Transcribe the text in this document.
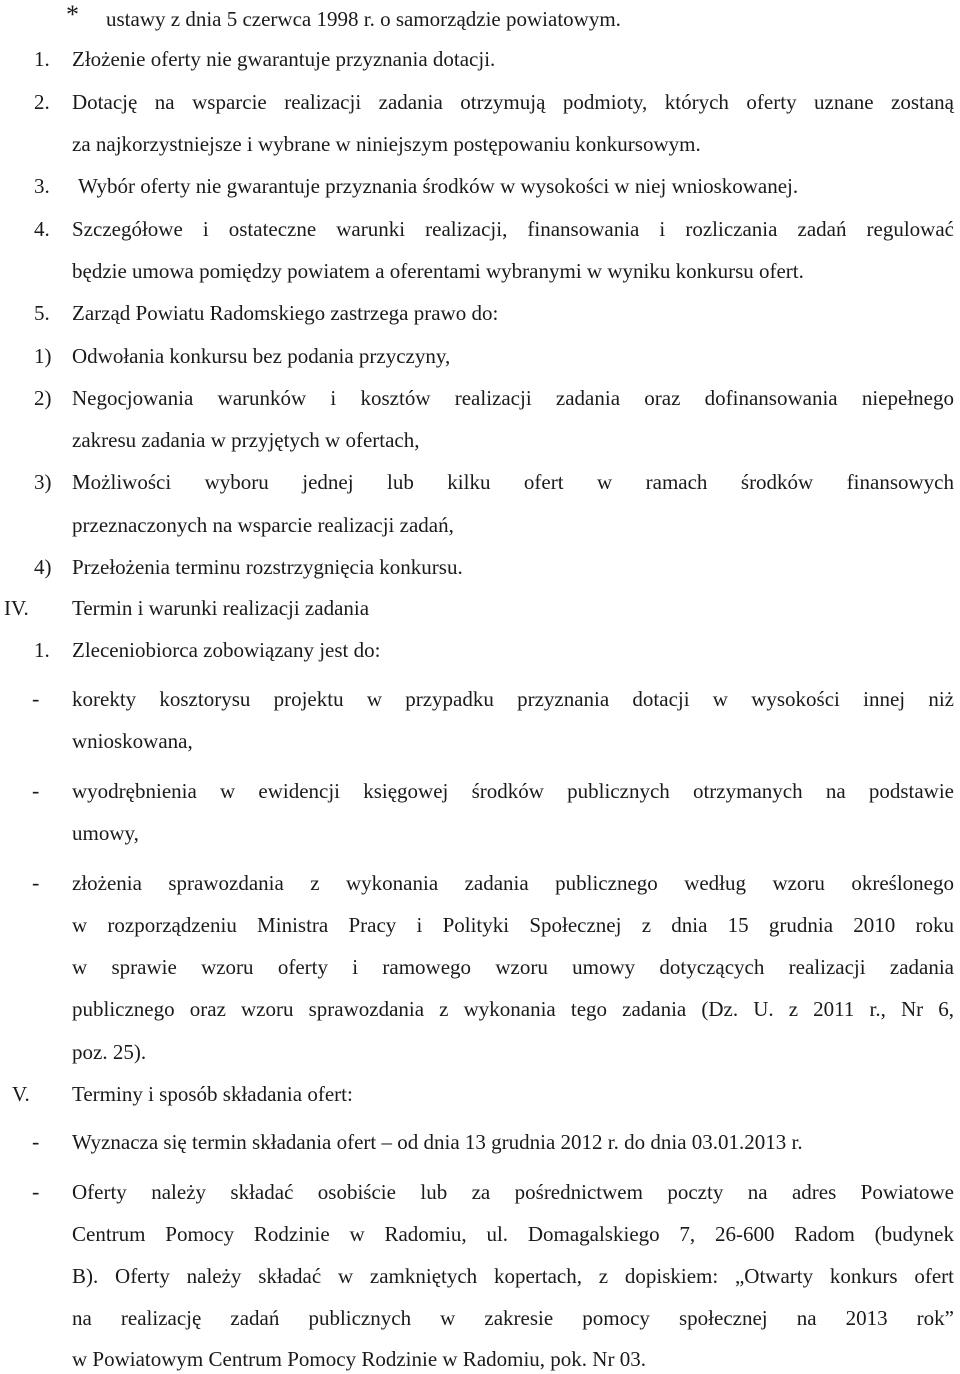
* ustawy z dnia 5 czerwca 1998 r. o samorządzie powiatowym.
1. Złożenie oferty nie gwarantuje przyznania dotacji.
2. Dotację na wsparcie realizacji zadania otrzymują podmioty, których oferty uznane zostaną
za najkorzystniejsze i wybrane w niniejszym postępowaniu konkursowym.
3. Wybór oferty nie gwarantuje przyznania środków w wysokości w niej wnioskowanej.
4. Szczegółowe i ostateczne warunki realizacji, finansowania i rozliczania zadań regulować
będzie umowa pomiędzy powiatem a oferentami wybranymi w wyniku konkursu ofert.
5. Zarząd Powiatu Radomskiego zastrzega prawo do:
1) Odwołania konkursu bez podania przyczyny,
2) Negocjowania warunków i kosztów realizacji zadania oraz dofinansowania niepełnego
zakresu zadania w przyjętych w ofertach,
3) Możliwości wyboru jednej lub kilku ofert w ramach środków finansowych
przeznaczonych na wsparcie realizacji zadań,
4) Przełożenia terminu rozstrzygnięcia konkursu.
IV. Termin i warunki realizacji zadania
1. Zleceniobiorca zobowiązany jest do:
- korekty kosztorysu projektu w przypadku przyznania dotacji w wysokości innej niż
wnioskowana,
- wyodrębnienia w ewidencji księgowej środków publicznych otrzymanych na podstawie
umowy,
- złożenia sprawozdania z wykonania zadania publicznego według wzoru określonego
w rozporządzeniu Ministra Pracy i Polityki Społecznej z dnia 15 grudnia 2010 roku
w sprawie wzoru oferty i ramowego wzoru umowy dotyczących realizacji zadania
publicznego oraz wzoru sprawozdania z wykonania tego zadania (Dz. U. z 2011 r., Nr 6,
poz. 25).
V. Terminy i sposób składania ofert:
- Wyznacza się termin składania ofert – od dnia 13 grudnia 2012 r. do dnia 03.01.2013 r.
- Oferty należy składać osobiście lub za pośrednictwem poczty na adres Powiatowe
Centrum Pomocy Rodzinie w Radomiu, ul. Domagalskiego 7, 26-600 Radom (budynek
B). Oferty należy składać w zamkniętych kopertach, z dopiskiem: „Otwarty konkurs ofert
na realizację zadań publicznych w zakresie pomocy społecznej na 2013 rok”
w Powiatowym Centrum Pomocy Rodzinie w Radomiu, pok. Nr 03.
